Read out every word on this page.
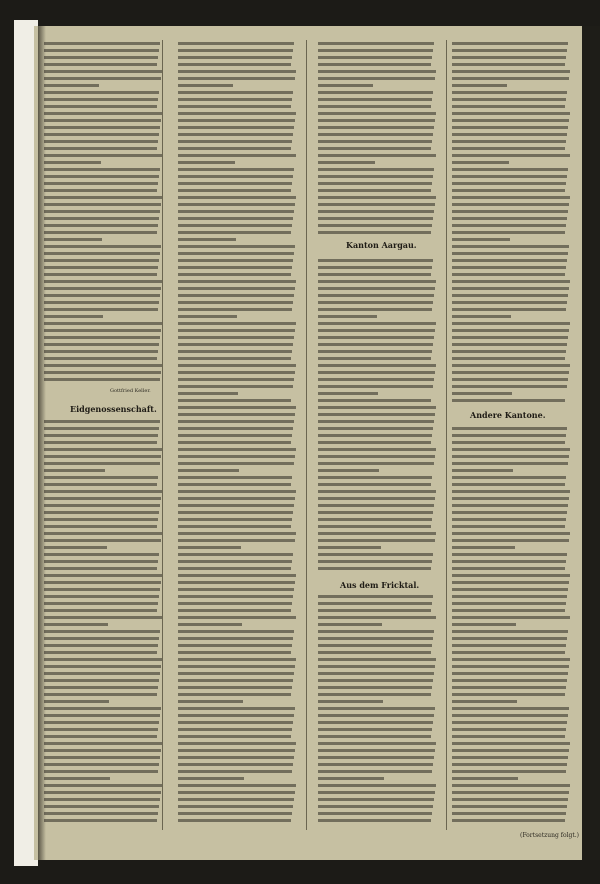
Gottfried Keller.
Eidgenossenschaft.
Kanton Aargau.
Aus dem Fricktal.
Andere Kantone.
(Fortsetzung folgt.)
